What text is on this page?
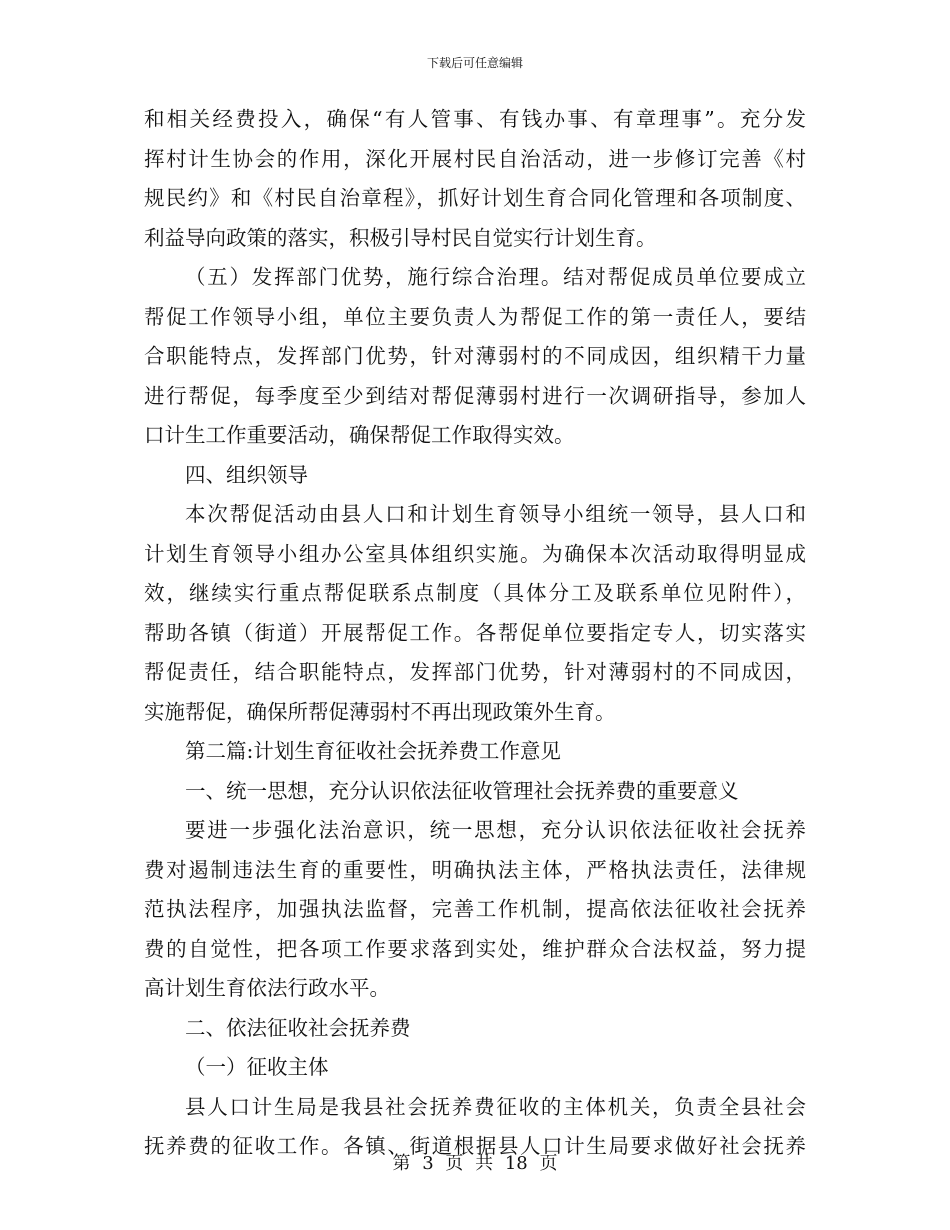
下载后可任意编辑
和相关经费投入，确保“有人管事、有钱办事、有章理事”。充分发
挥村计生协会的作用，深化开展村民自治活动，进一步修订完善《村
规民约》和《村民自治章程》，抓好计划生育合同化管理和各项制度、
利益导向政策的落实，积极引导村民自觉实行计划生育。
（五）发挥部门优势，施行综合治理。结对帮促成员单位要成立
帮促工作领导小组，单位主要负责人为帮促工作的第一责任人，要结
合职能特点，发挥部门优势，针对薄弱村的不同成因，组织精干力量
进行帮促，每季度至少到结对帮促薄弱村进行一次调研指导，参加人
口计生工作重要活动，确保帮促工作取得实效。
四、组织领导
本次帮促活动由县人口和计划生育领导小组统一领导，县人口和
计划生育领导小组办公室具体组织实施。为确保本次活动取得明显成
效，继续实行重点帮促联系点制度（具体分工及联系单位见附件），
帮助各镇（街道）开展帮促工作。各帮促单位要指定专人，切实落实
帮促责任，结合职能特点，发挥部门优势，针对薄弱村的不同成因，
实施帮促，确保所帮促薄弱村不再出现政策外生育。
第二篇:计划生育征收社会抚养费工作意见
一、统一思想，充分认识依法征收管理社会抚养费的重要意义
要进一步强化法治意识，统一思想，充分认识依法征收社会抚养
费对遏制违法生育的重要性，明确执法主体，严格执法责任，法律规
范执法程序，加强执法监督，完善工作机制，提高依法征收社会抚养
费的自觉性，把各项工作要求落到实处，维护群众合法权益，努力提
高计划生育依法行政水平。
二、依法征收社会抚养费
（一）征收主体
县人口计生局是我县社会抚养费征收的主体机关，负责全县社会
抚养费的征收工作。各镇、街道根据县人口计生局要求做好社会抚养
第 3 页 共 18 页
